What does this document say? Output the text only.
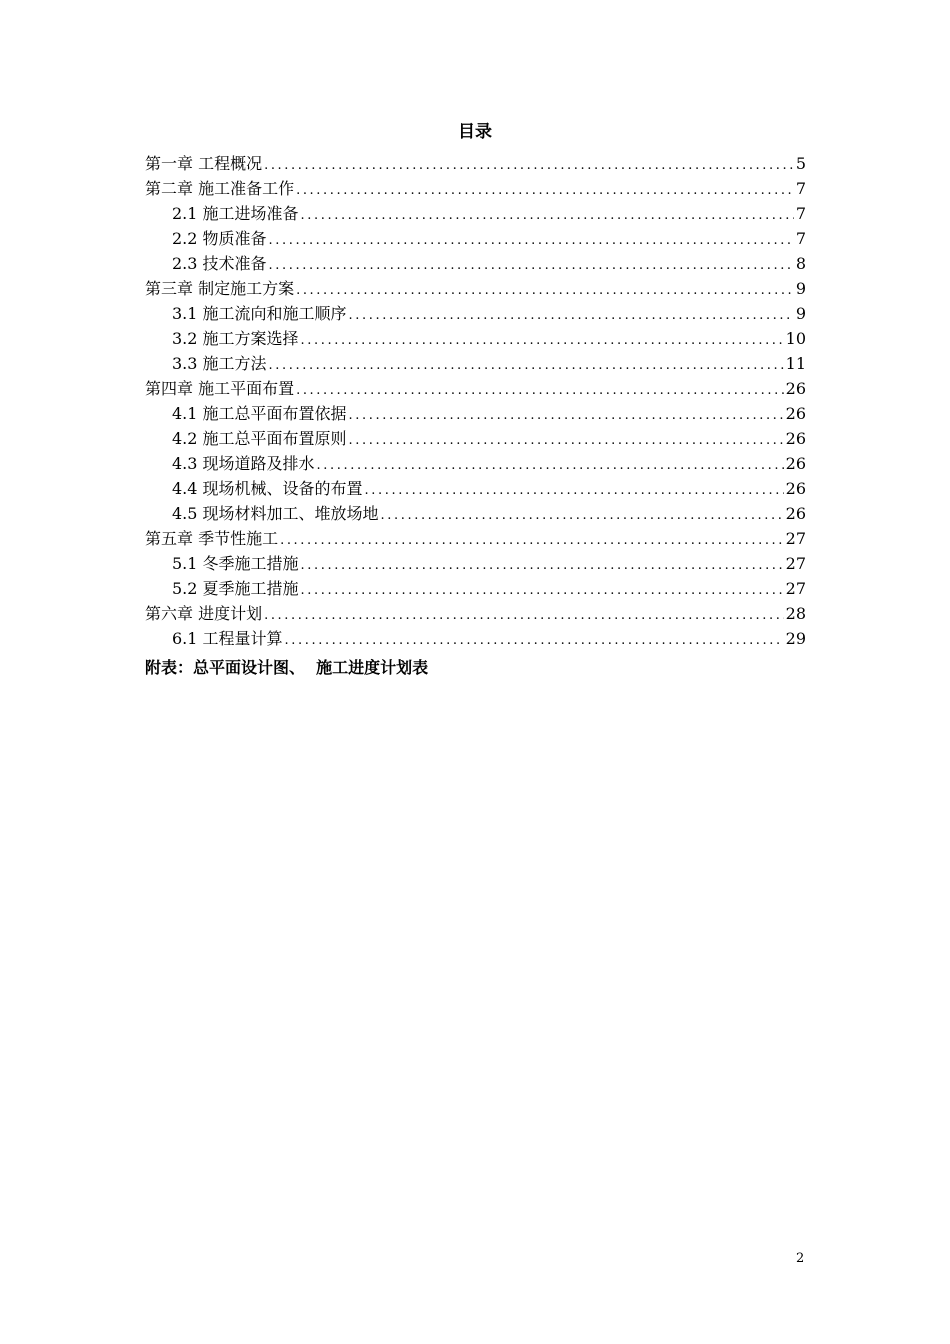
目录
第一章 工程概况 .....	5
第二章 施工准备工作 .....	7
2.1 施工进场准备 .....	7
2.2 物质准备 .....	7
2.3 技术准备 .....	8
第三章 制定施工方案 .....	9
3.1 施工流向和施工顺序 .....	9
3.2 施工方案选择 .....	10
3.3 施工方法 .....	11
第四章 施工平面布置 .....	26
4.1 施工总平面布置依据 .....	26
4.2 施工总平面布置原则 .....	26
4.3 现场道路及排水 .....	26
4.4 现场机械、设备的布置 .....	26
4.5 现场材料加工、堆放场地 .....	26
第五章 季节性施工 .....	27
5.1 冬季施工措施 .....	27
5.2 夏季施工措施 .....	27
第六章 进度计划 .....	28
6.1 工程量计算 .....	29
附表：总平面设计图、  施工进度计划表
2
